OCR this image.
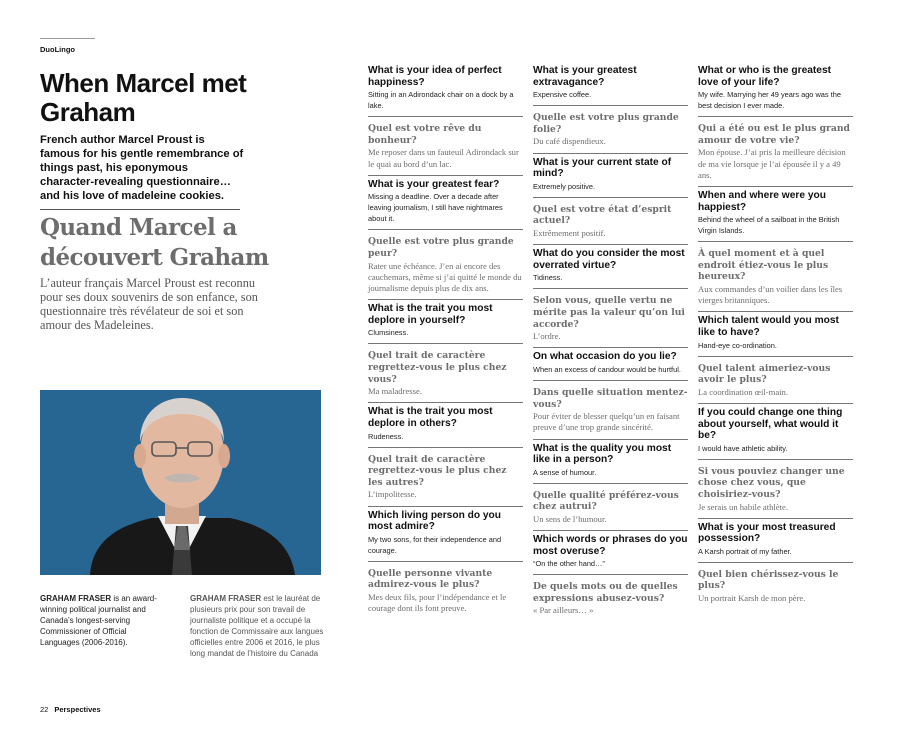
DuoLingo
When Marcel met Graham
French author Marcel Proust is famous for his gentle remembrance of things past, his eponymous character-revealing questionnaire… and his love of madeleine cookies.
Quand Marcel a découvert Graham
L’auteur français Marcel Proust est reconnu pour ses doux souvenirs de son enfance, son questionnaire très révélateur de soi et son amour des Madeleines.
GRAHAM FRASER is an award-winning political journalist and Canada’s longest-serving Commissioner of Official Languages (2006-2016).
GRAHAM FRASER est le lauréat de plusieurs prix pour son travail de journaliste politique et a occupé la fonction de Commissaire aux langues officielles entre 2006 et 2016, le plus long mandat de l’histoire du Canada
22 Perspectives
What is your idea of perfect happiness?
Sitting in an Adirondack chair on a dock by a lake.
Quel est votre rêve du bonheur?
Me reposer dans un fauteuil Adirondack sur le quai au bord d’un lac.
What is your greatest fear?
Missing a deadline. Over a decade after leaving journalism, I still have nightmares about it.
Quelle est votre plus grande peur?
Rater une échéance. J’en ai encore des cauchemars, même si j’ai quitté le monde du journalisme depuis plus de dix ans.
What is the trait you most deplore in yourself?
Clumsiness.
Quel trait de caractère regrettez-vous le plus chez vous?
Ma maladresse.
What is the trait you most deplore in others?
Rudeness.
Quel trait de caractère regrettez-vous le plus chez les autres?
L’impolitesse.
Which living person do you most admire?
My two sons, for their independence and courage.
Quelle personne vivante admirez-vous le plus?
Mes deux fils, pour l’indépendance et le courage dont ils font preuve.
What is your greatest extravagance?
Expensive coffee.
Quelle est votre plus grande folie?
Du café dispendieux.
What is your current state of mind?
Extremely positive.
Quel est votre état d’esprit actuel?
Extrêmement positif.
What do you consider the most overrated virtue?
Tidiness.
Selon vous, quelle vertu ne mérite pas la valeur qu’on lui accorde?
L’ordre.
On what occasion do you lie?
When an excess of candour would be hurtful.
Dans quelle situation mentez-vous?
Pour éviter de blesser quelqu’un en faisant preuve d’une trop grande sincérité.
What is the quality you most like in a person?
A sense of humour.
Quelle qualité préférez-vous chez autrui?
Un sens de l’humour.
Which words or phrases do you most overuse?
“On the other hand…”
De quels mots ou de quelles expressions abusez-vous?
« Par ailleurs… »
What or who is the greatest love of your life?
My wife. Marrying her 49 years ago was the best decision I ever made.
Qui a été ou est le plus grand amour de votre vie?
Mon épouse. J’ai pris la meilleure décision de ma vie lorsque je l’ai épousée il y a 49 ans.
When and where were you happiest?
Behind the wheel of a sailboat in the British Virgin Islands.
À quel moment et à quel endroit étiez-vous le plus heureux?
Aux commandes d’un voilier dans les îles vierges britanniques.
Which talent would you most like to have?
Hand-eye co-ordination.
Quel talent aimeriez-vous avoir le plus?
La coordination œil-main.
If you could change one thing about yourself, what would it be?
I would have athletic ability.
Si vous pouviez changer une chose chez vous, que choisiriez-vous?
Je serais un habile athlète.
What is your most treasured possession?
A Karsh portrait of my father.
Quel bien chérissez-vous le plus?
Un portrait Karsh de mon père.
